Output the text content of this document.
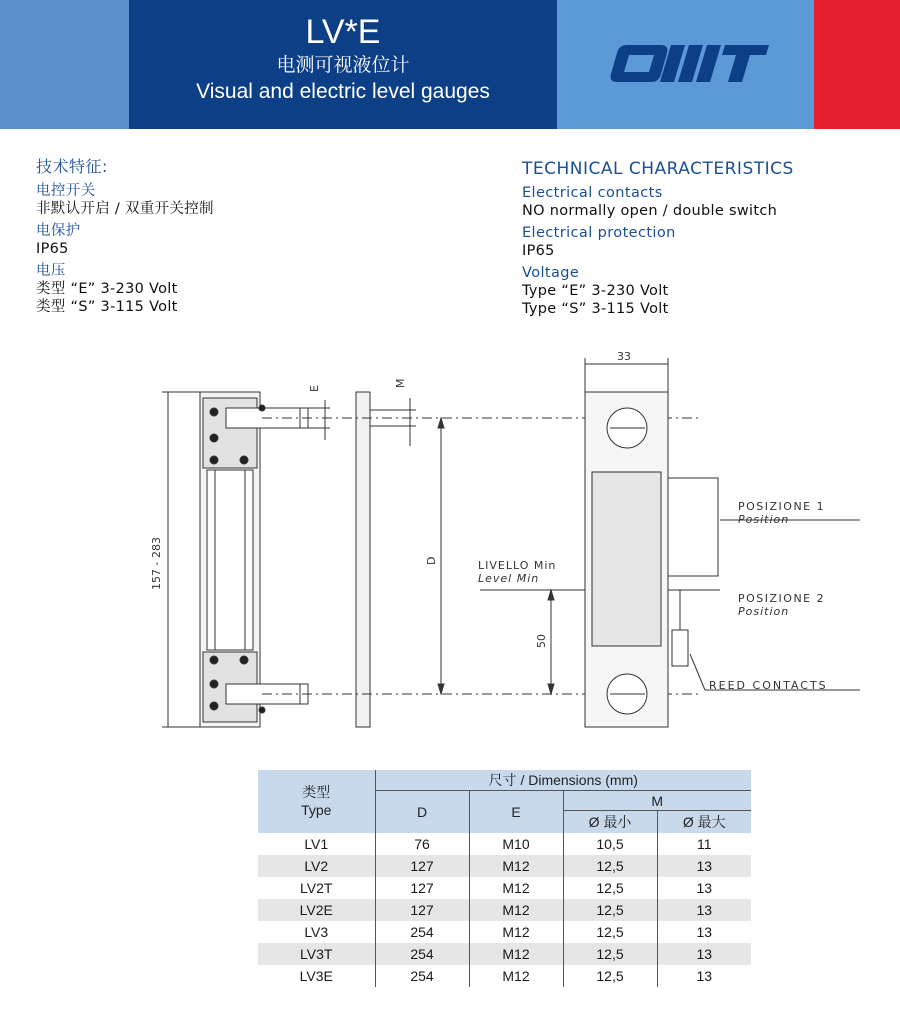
LV*E
电测可视液位计
Visual and electric level gauges
技术特征:
电控开关
非默认开启 / 双重开关控制
电保护
IP65
电压
类型 “E” 3-230 Volt
类型 “S” 3-115 Volt
TECHNICAL CHARACTERISTICS
Electrical contacts
NO normally open / double switch
Electrical protection
IP65
Voltage
Type “E” 3-230 Volt
Type “S” 3-115 Volt
33
157 - 283
E
M
D
50
LIVELLO Min
Level Min
POSIZIONE 1
Position
POSIZIONE 2
Position
REED CONTACTS
类型
Type	尺寸 / Dimensions (mm)			
	D	E	M	
			Ø 最小	Ø 最大
LV1	76	M10	10,5	11
LV2	127	M12	12,5	13
LV2T	127	M12	12,5	13
LV2E	127	M12	12,5	13
LV3	254	M12	12,5	13
LV3T	254	M12	12,5	13
LV3E	254	M12	12,5	13
